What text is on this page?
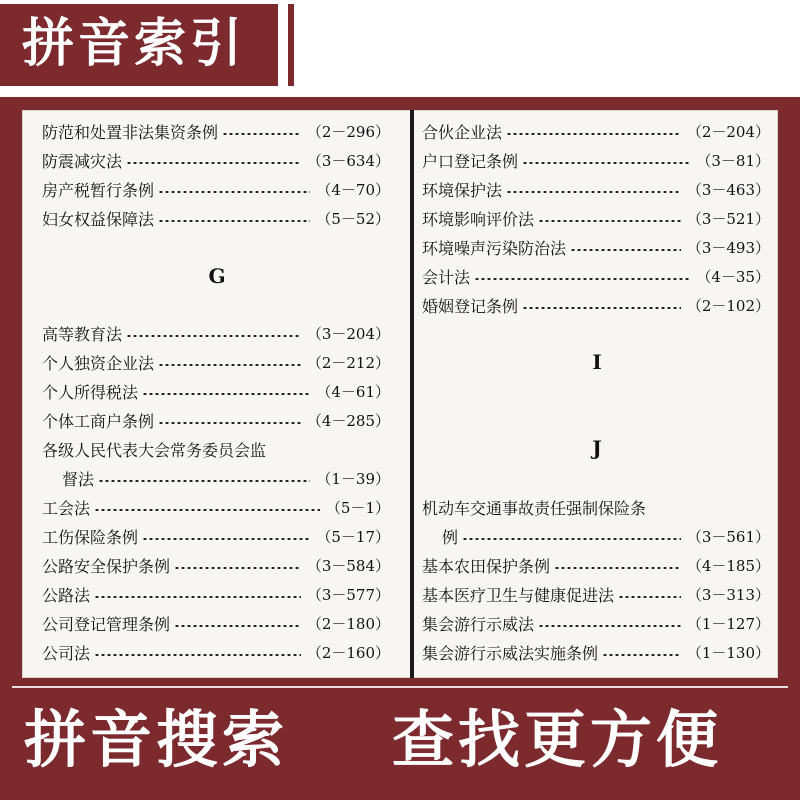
拼音索引
防范和处置非法集资条例	（2－296）
防震减灾法	（3－634）
房产税暂行条例	（4－70）
妇女权益保障法	（5－52）
G
高等教育法	（3－204）
个人独资企业法	（2－212）
个人所得税法	（4－61）
个体工商户条例	（4－285）
各级人民代表大会常务委员会监
督法	（1－39）
工会法	（5－1）
工伤保险条例	（5－17）
公路安全保护条例	（3－584）
公路法	（3－577）
公司登记管理条例	（2－180）
公司法	（2－160）
合伙企业法	（2－204）
户口登记条例	（3－81）
环境保护法	（3－463）
环境影响评价法	（3－521）
环境噪声污染防治法	（3－493）
会计法	（4－35）
婚姻登记条例	（2－102）
I
J
机动车交通事故责任强制保险条
例	（3－561）
基本农田保护条例	（4－185）
基本医疗卫生与健康促进法	（3－313）
集会游行示威法	（1－127）
集会游行示威法实施条例	（1－130）
拼音搜索 查找更方便
